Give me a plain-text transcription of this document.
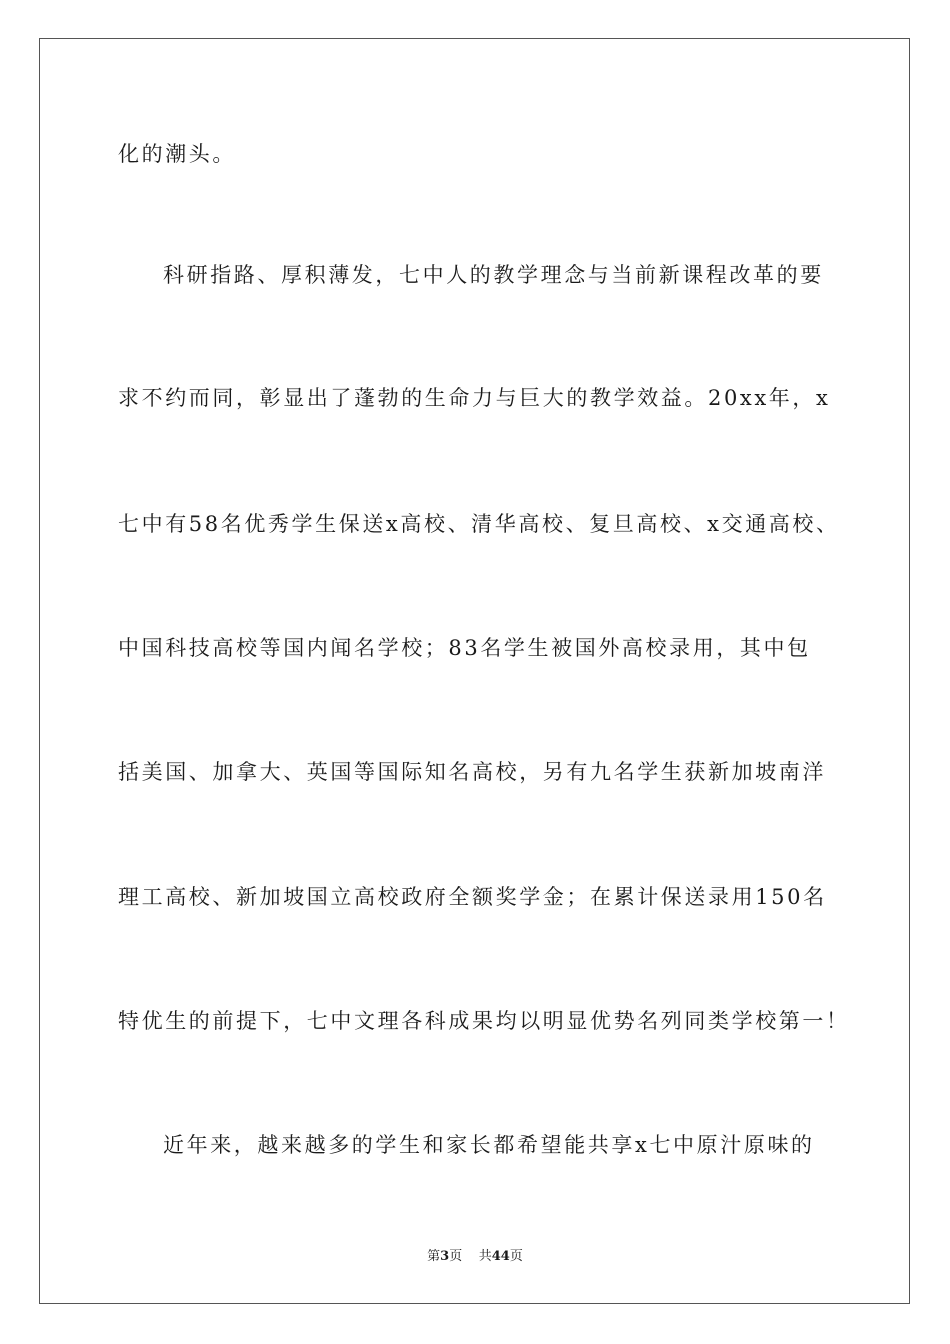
化的潮头。
科研指路、厚积薄发，七中人的教学理念与当前新课程改革的要
求不约而同，彰显出了蓬勃的生命力与巨大的教学效益。20xx年，x
七中有58名优秀学生保送x高校、清华高校、复旦高校、x交通高校、
中国科技高校等国内闻名学校；83名学生被国外高校录用，其中包
括美国、加拿大、英国等国际知名高校，另有九名学生获新加坡南洋
理工高校、新加坡国立高校政府全额奖学金；在累计保送录用150名
特优生的前提下，七中文理各科成果均以明显优势名列同类学校第一！
近年来，越来越多的学生和家长都希望能共享x七中原汁原味的
第3页 共44页
